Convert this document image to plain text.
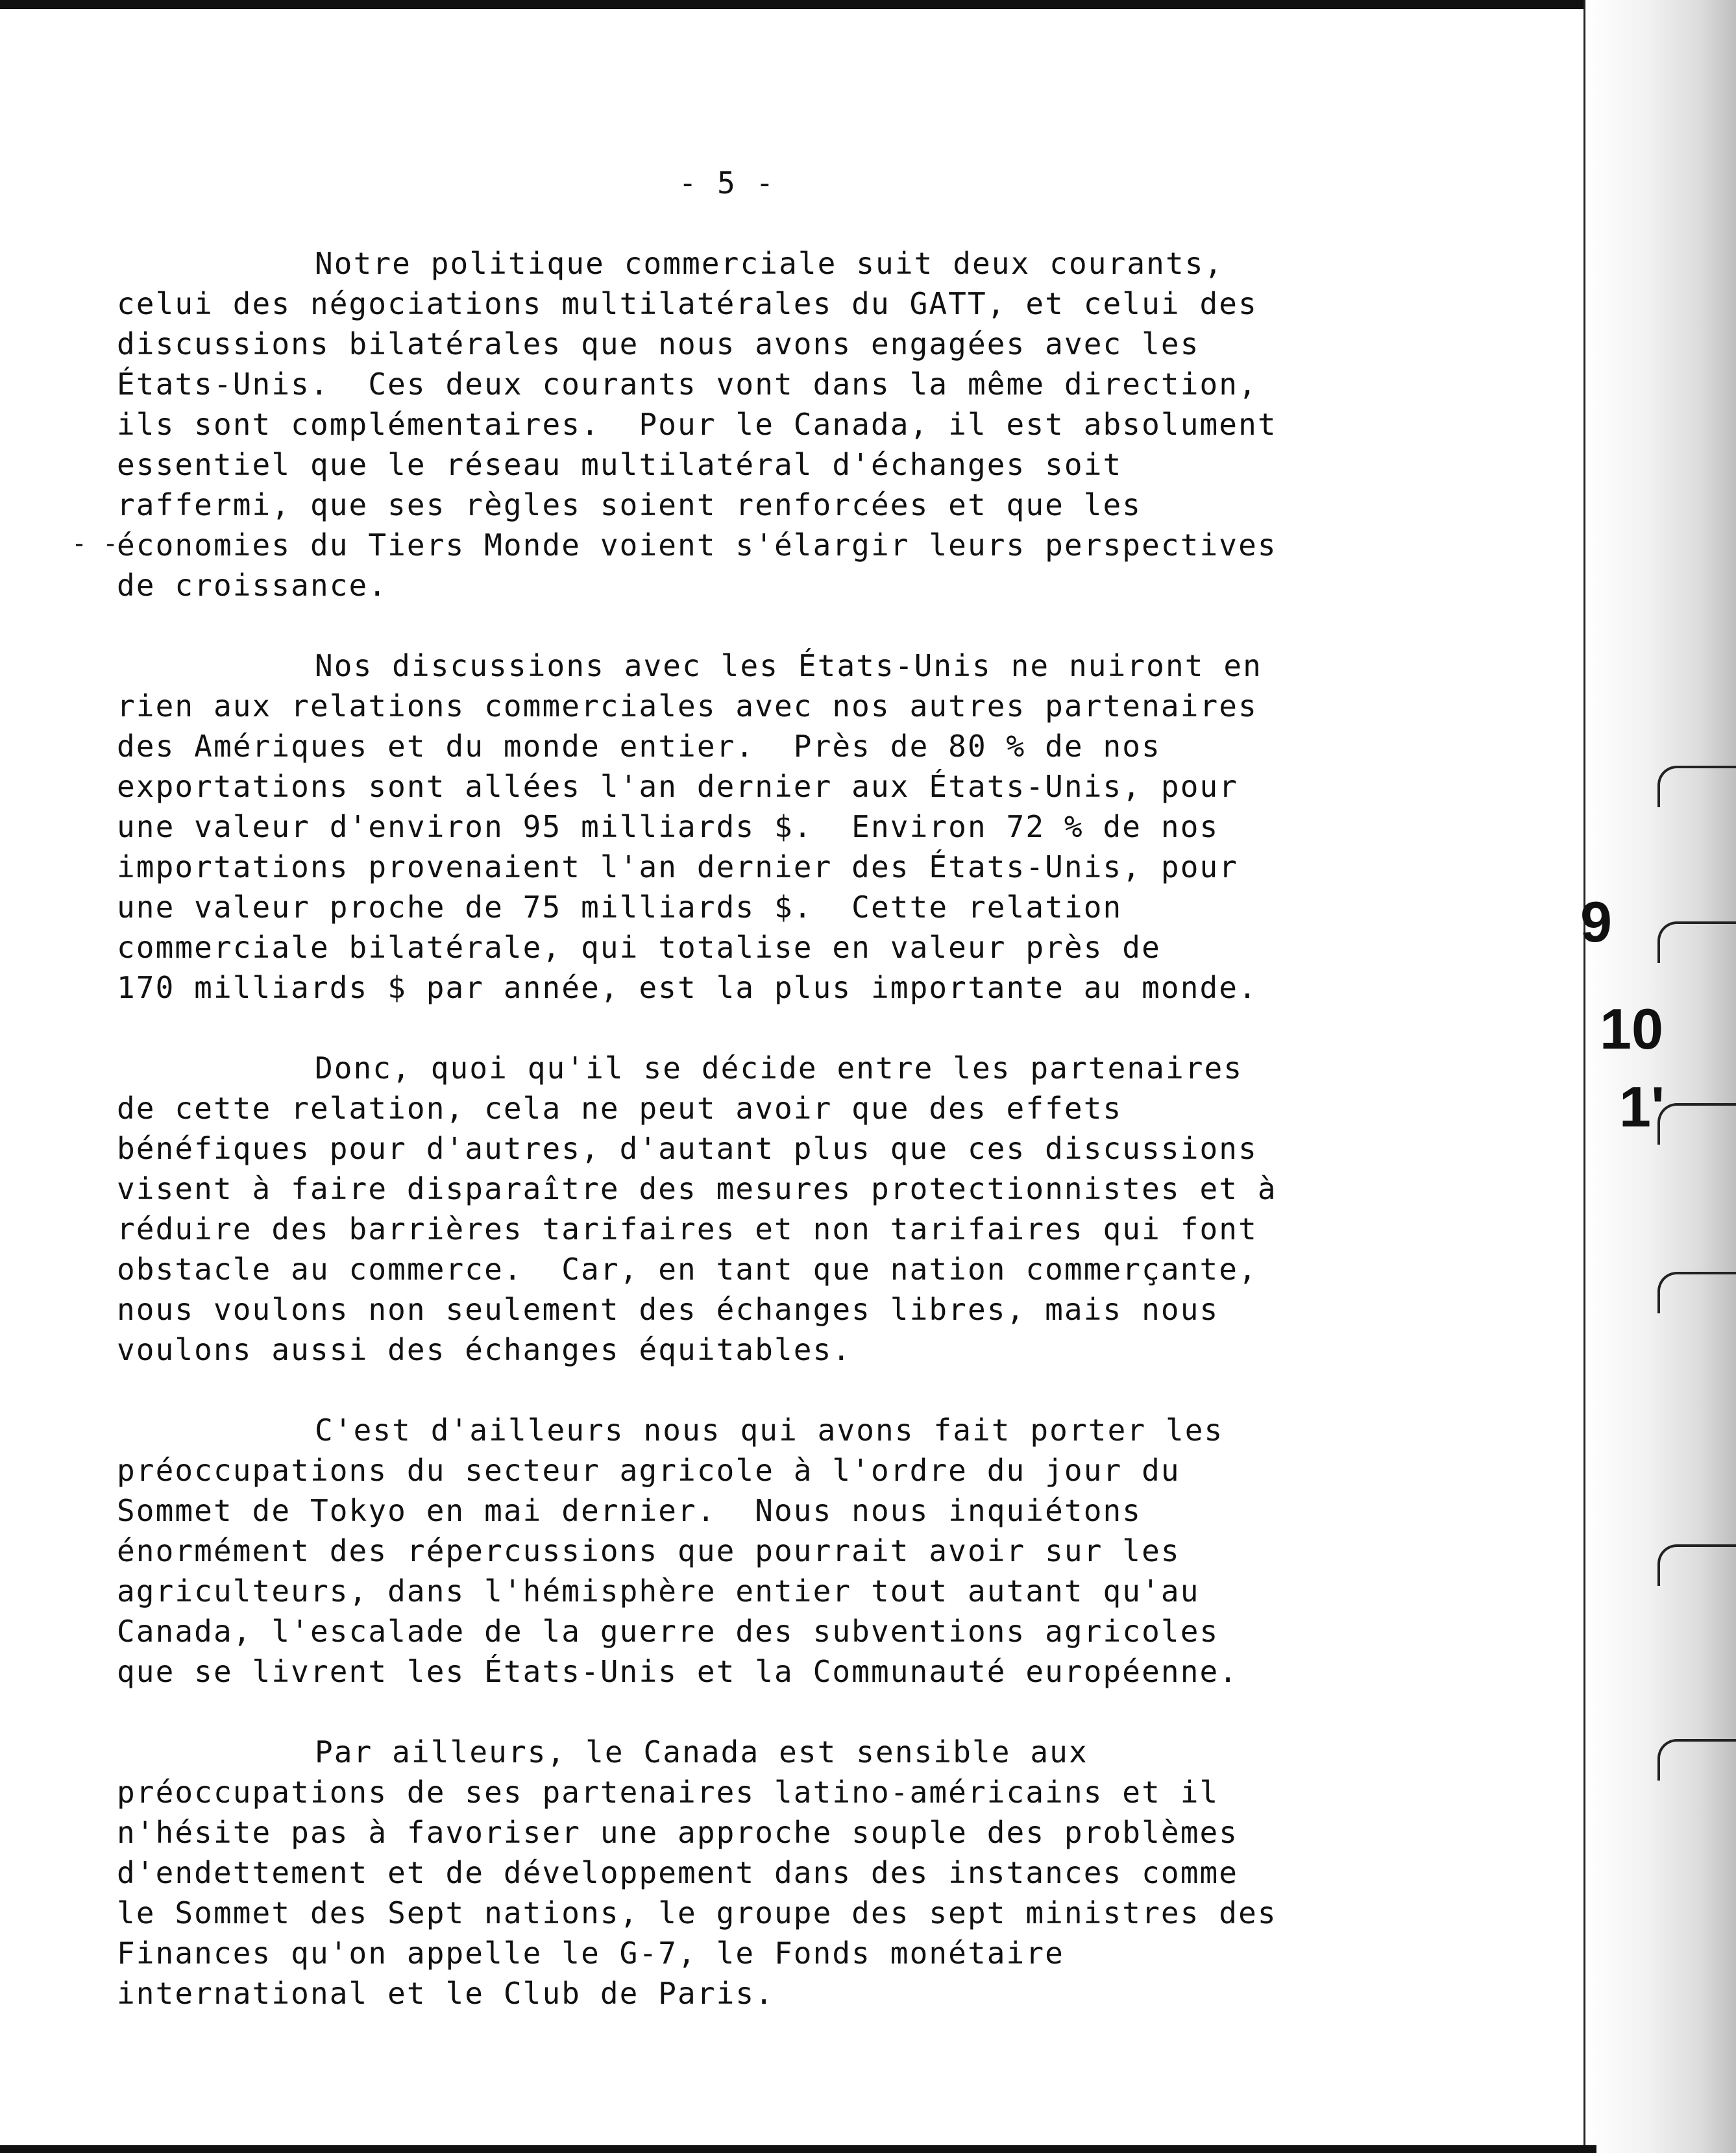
- 5 -
- -
Notre politique commerciale suit deux courants,
celui des négociations multilatérales du GATT, et celui des
discussions bilatérales que nous avons engagées avec les
États-Unis.  Ces deux courants vont dans la même direction,
ils sont complémentaires.  Pour le Canada, il est absolument
essentiel que le réseau multilatéral d'échanges soit
raffermi, que ses règles soient renforcées et que les
économies du Tiers Monde voient s'élargir leurs perspectives
de croissance.
Nos discussions avec les États-Unis ne nuiront en
rien aux relations commerciales avec nos autres partenaires
des Amériques et du monde entier.  Près de 80 % de nos
exportations sont allées l'an dernier aux États-Unis, pour
une valeur d'environ 95 milliards $.  Environ 72 % de nos
importations provenaient l'an dernier des États-Unis, pour
une valeur proche de 75 milliards $.  Cette relation
commerciale bilatérale, qui totalise en valeur près de
170 milliards $ par année, est la plus importante au monde.
Donc, quoi qu'il se décide entre les partenaires
de cette relation, cela ne peut avoir que des effets
bénéfiques pour d'autres, d'autant plus que ces discussions
visent à faire disparaître des mesures protectionnistes et à
réduire des barrières tarifaires et non tarifaires qui font
obstacle au commerce.  Car, en tant que nation commerçante,
nous voulons non seulement des échanges libres, mais nous
voulons aussi des échanges équitables.
C'est d'ailleurs nous qui avons fait porter les
préoccupations du secteur agricole à l'ordre du jour du
Sommet de Tokyo en mai dernier.  Nous nous inquiétons
énormément des répercussions que pourrait avoir sur les
agriculteurs, dans l'hémisphère entier tout autant qu'au
Canada, l'escalade de la guerre des subventions agricoles
que se livrent les États-Unis et la Communauté européenne.
Par ailleurs, le Canada est sensible aux
préoccupations de ses partenaires latino-américains et il
n'hésite pas à favoriser une approche souple des problèmes
d'endettement et de développement dans des instances comme
le Sommet des Sept nations, le groupe des sept ministres des
Finances qu'on appelle le G-7, le Fonds monétaire
international et le Club de Paris.
9
10
1'
